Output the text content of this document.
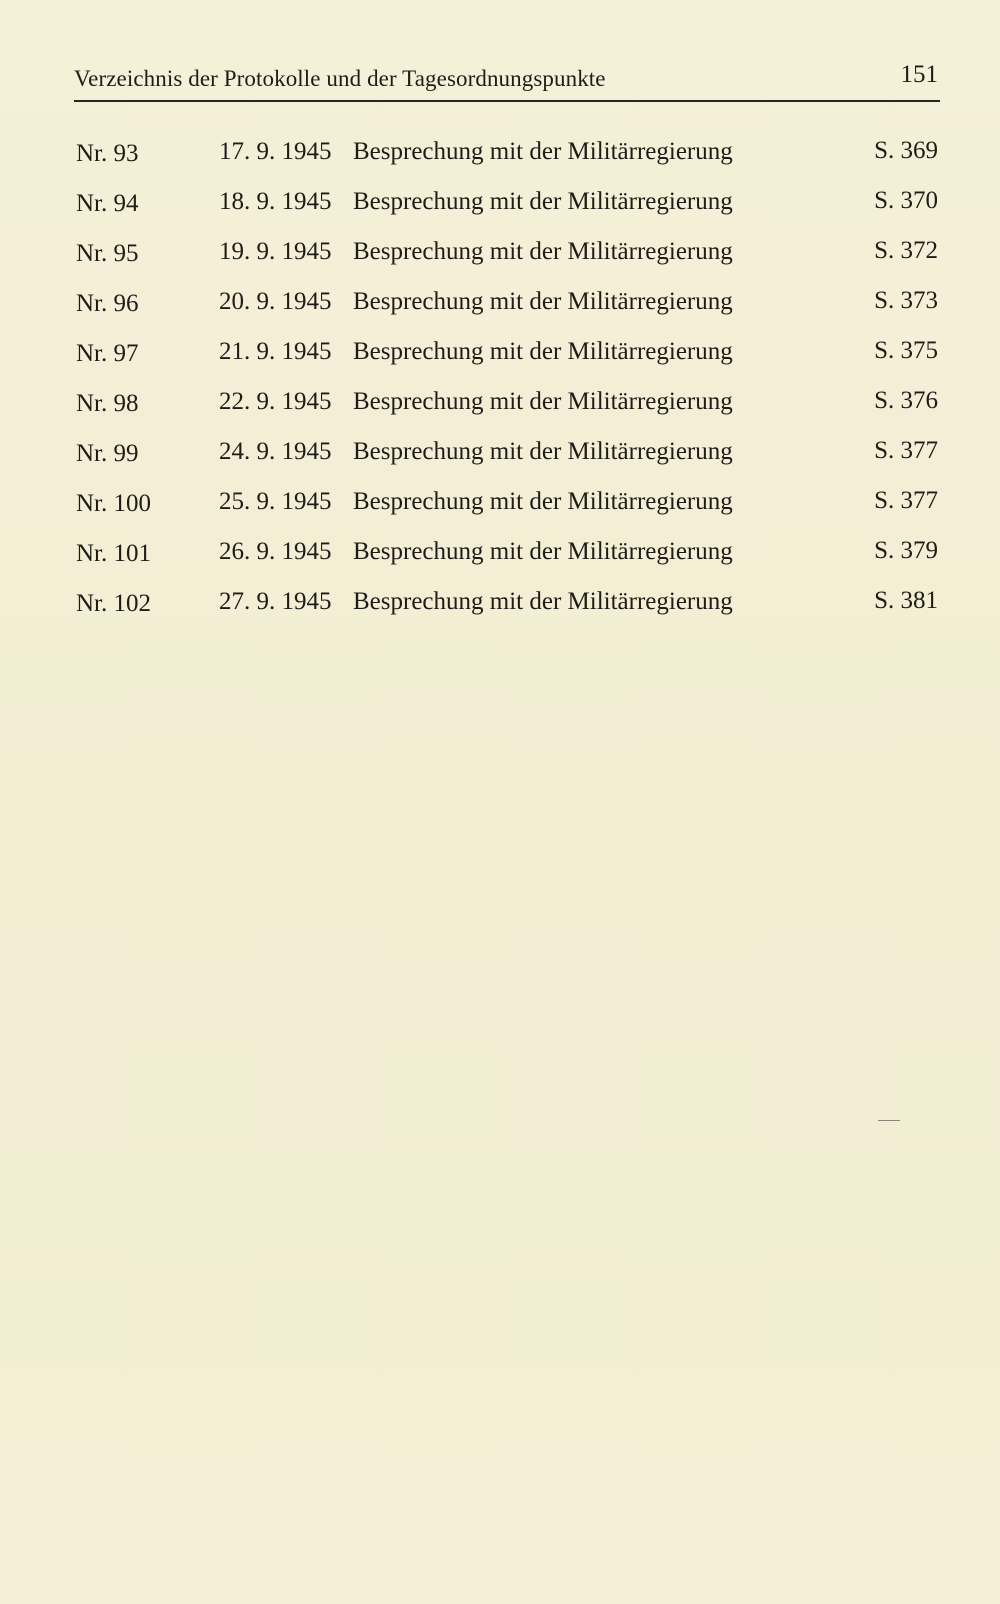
Verzeichnis der Protokolle und der Tagesordnungspunkte	151
Nr. 93	17. 9. 1945 Besprechung mit der Militärregierung	S. 369
Nr. 94	18. 9. 1945 Besprechung mit der Militärregierung	S. 370
Nr. 95	19. 9. 1945 Besprechung mit der Militärregierung	S. 372
Nr. 96	20. 9. 1945 Besprechung mit der Militärregierung	S. 373
Nr. 97	21. 9. 1945 Besprechung mit der Militärregierung	S. 375
Nr. 98	22. 9. 1945 Besprechung mit der Militärregierung	S. 376
Nr. 99	24. 9. 1945 Besprechung mit der Militärregierung	S. 377
Nr. 100	25. 9. 1945 Besprechung mit der Militärregierung	S. 377
Nr. 101	26. 9. 1945 Besprechung mit der Militärregierung	S. 379
Nr. 102	27. 9. 1945 Besprechung mit der Militärregierung	S. 381
